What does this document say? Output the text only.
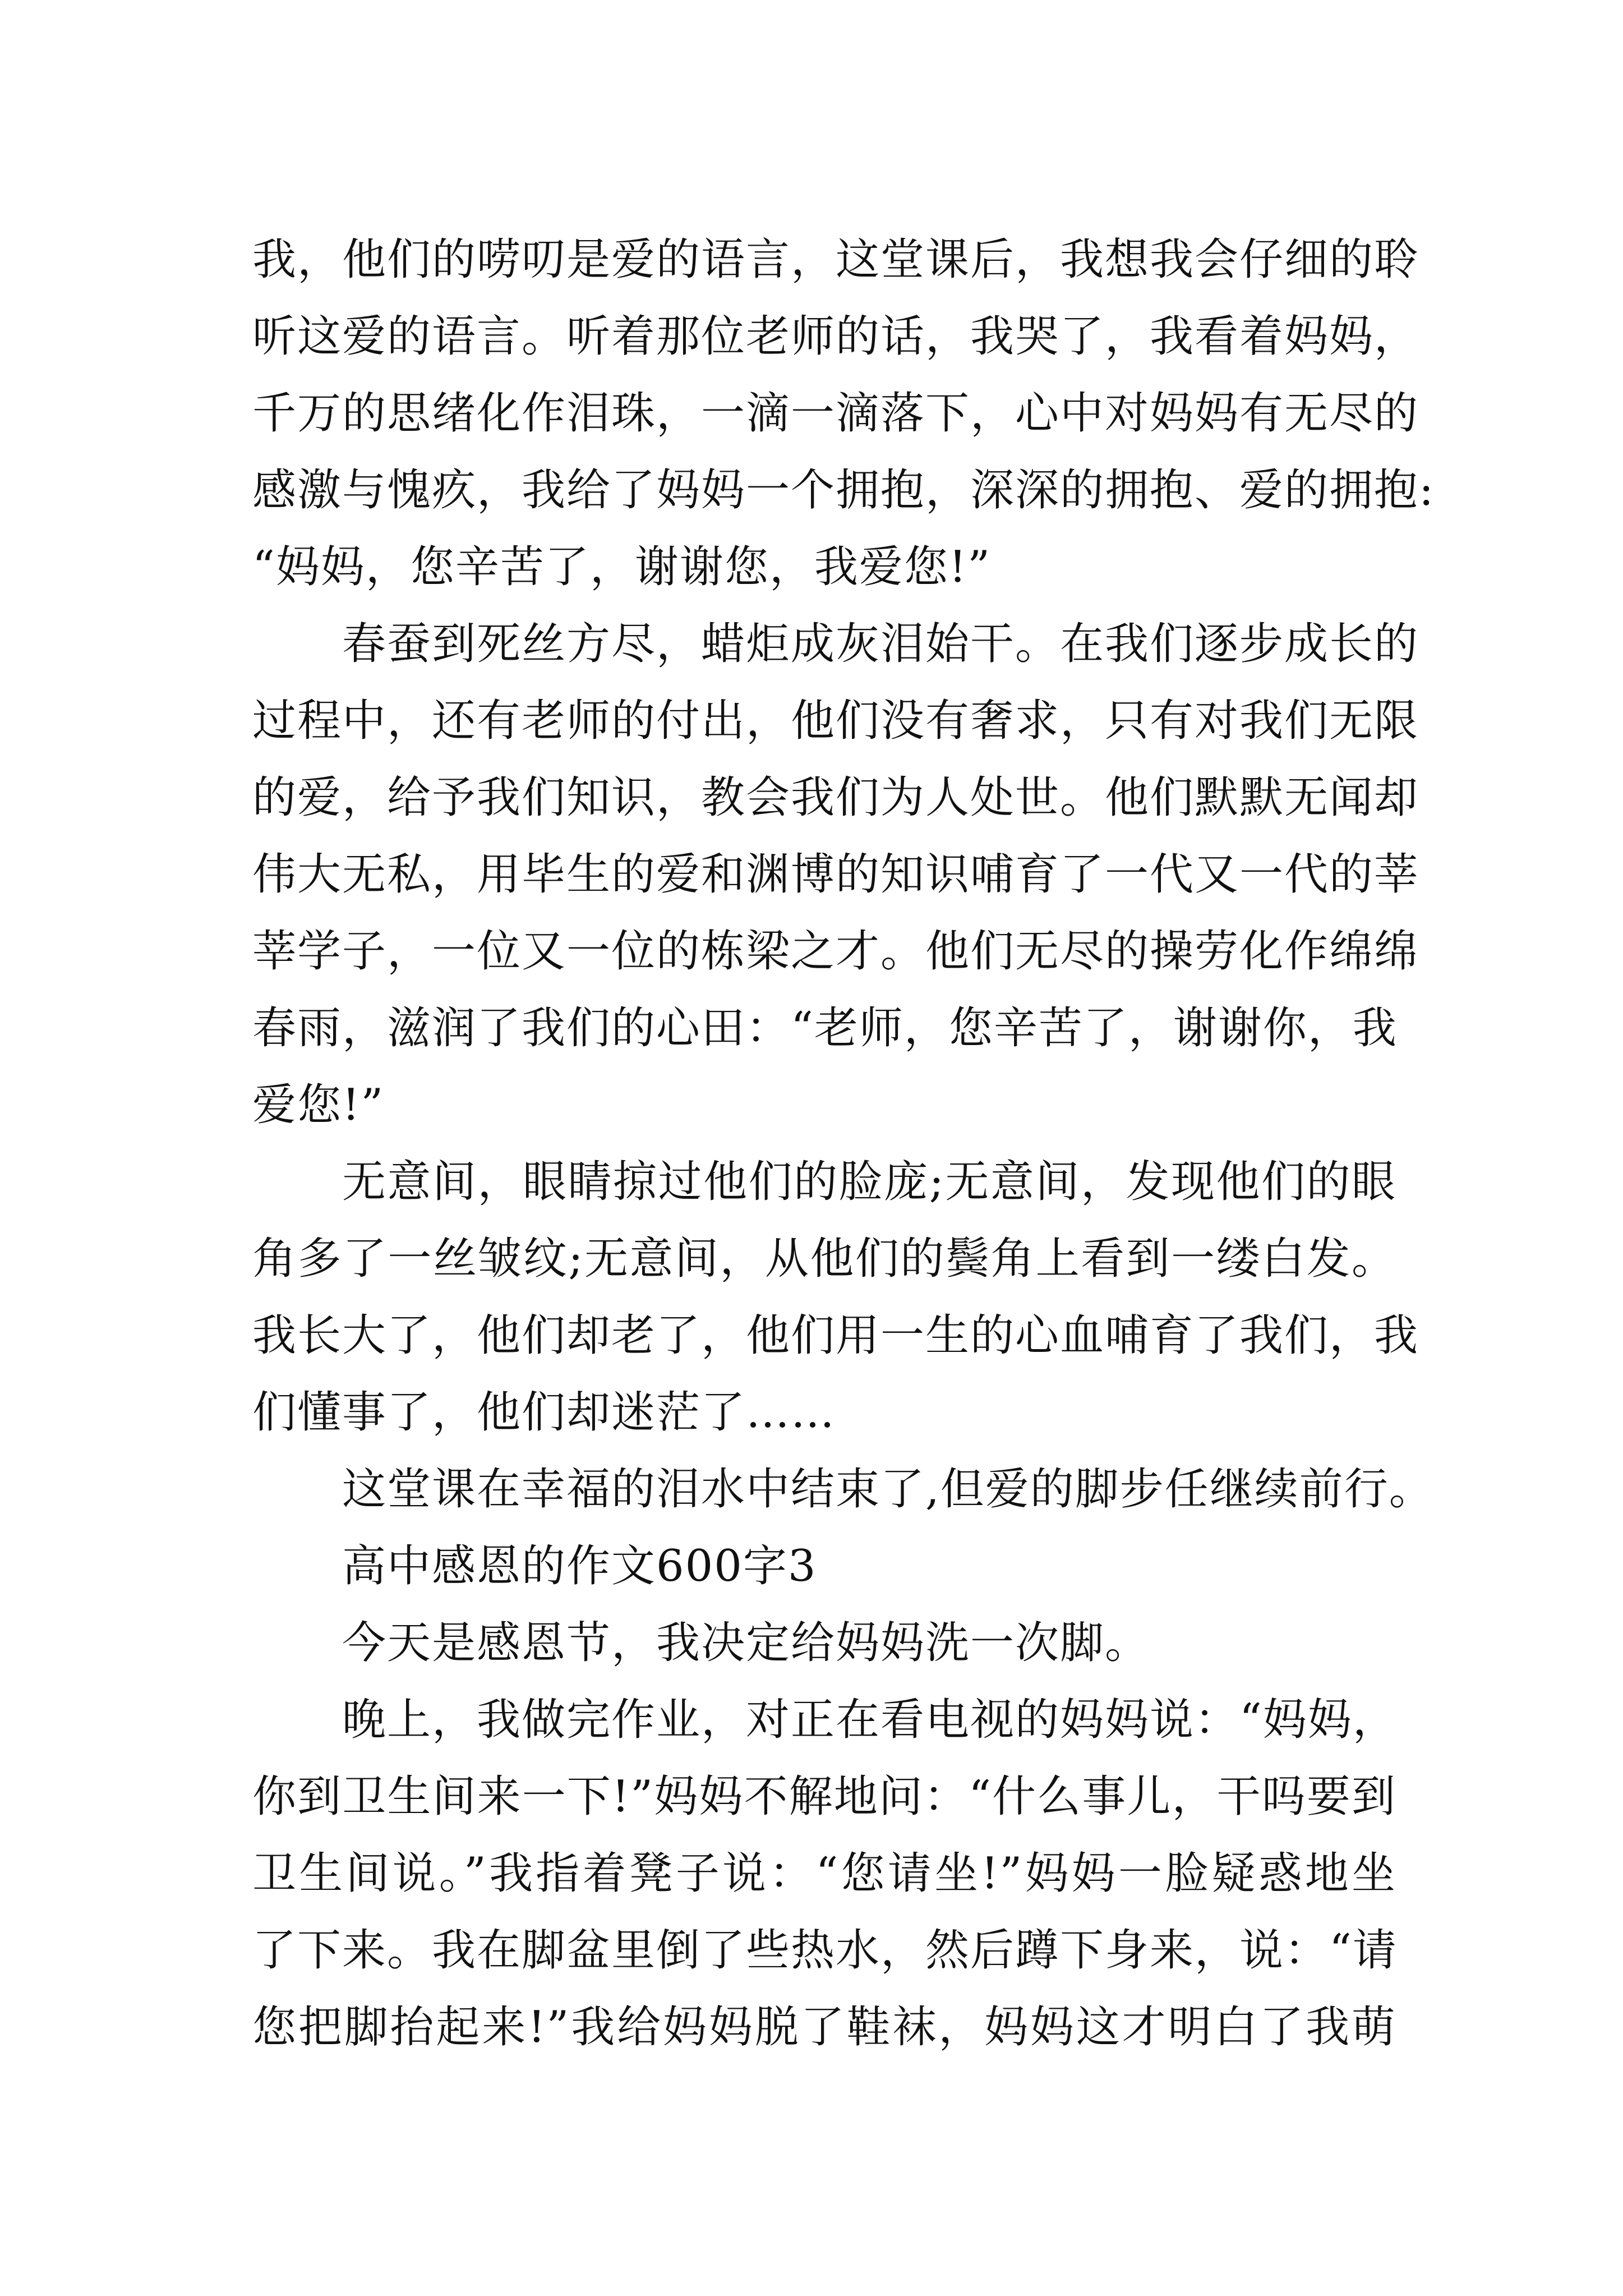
我，他们的唠叨是爱的语言，这堂课后，我想我会仔细的聆
听这爱的语言。听着那位老师的话，我哭了，我看着妈妈，
千万的思绪化作泪珠，一滴一滴落下，心中对妈妈有无尽的
感激与愧疚，我给了妈妈一个拥抱，深深的拥抱、爱的拥抱:
“妈妈，您辛苦了，谢谢您，我爱您!”
春蚕到死丝方尽，蜡炬成灰泪始干。在我们逐步成长的
过程中，还有老师的付出，他们没有奢求，只有对我们无限
的爱，给予我们知识，教会我们为人处世。他们默默无闻却
伟大无私，用毕生的爱和渊博的知识哺育了一代又一代的莘
莘学子，一位又一位的栋梁之才。他们无尽的操劳化作绵绵
春雨，滋润了我们的心田：“老师，您辛苦了，谢谢你，我
爱您!”
无意间，眼睛掠过他们的脸庞;无意间，发现他们的眼
角多了一丝皱纹;无意间，从他们的鬓角上看到一缕白发。
我长大了，他们却老了，他们用一生的心血哺育了我们，我
们懂事了，他们却迷茫了……
这堂课在幸福的泪水中结束了,但爱的脚步任继续前行。
高中感恩的作文600字3
今天是感恩节，我决定给妈妈洗一次脚。
晚上，我做完作业，对正在看电视的妈妈说：“妈妈，
你到卫生间来一下!”妈妈不解地问：“什么事儿，干吗要到
卫生间说。”我指着凳子说：“您请坐!”妈妈一脸疑惑地坐
了下来。我在脚盆里倒了些热水，然后蹲下身来，说：“请
您把脚抬起来!”我给妈妈脱了鞋袜，妈妈这才明白了我萌
